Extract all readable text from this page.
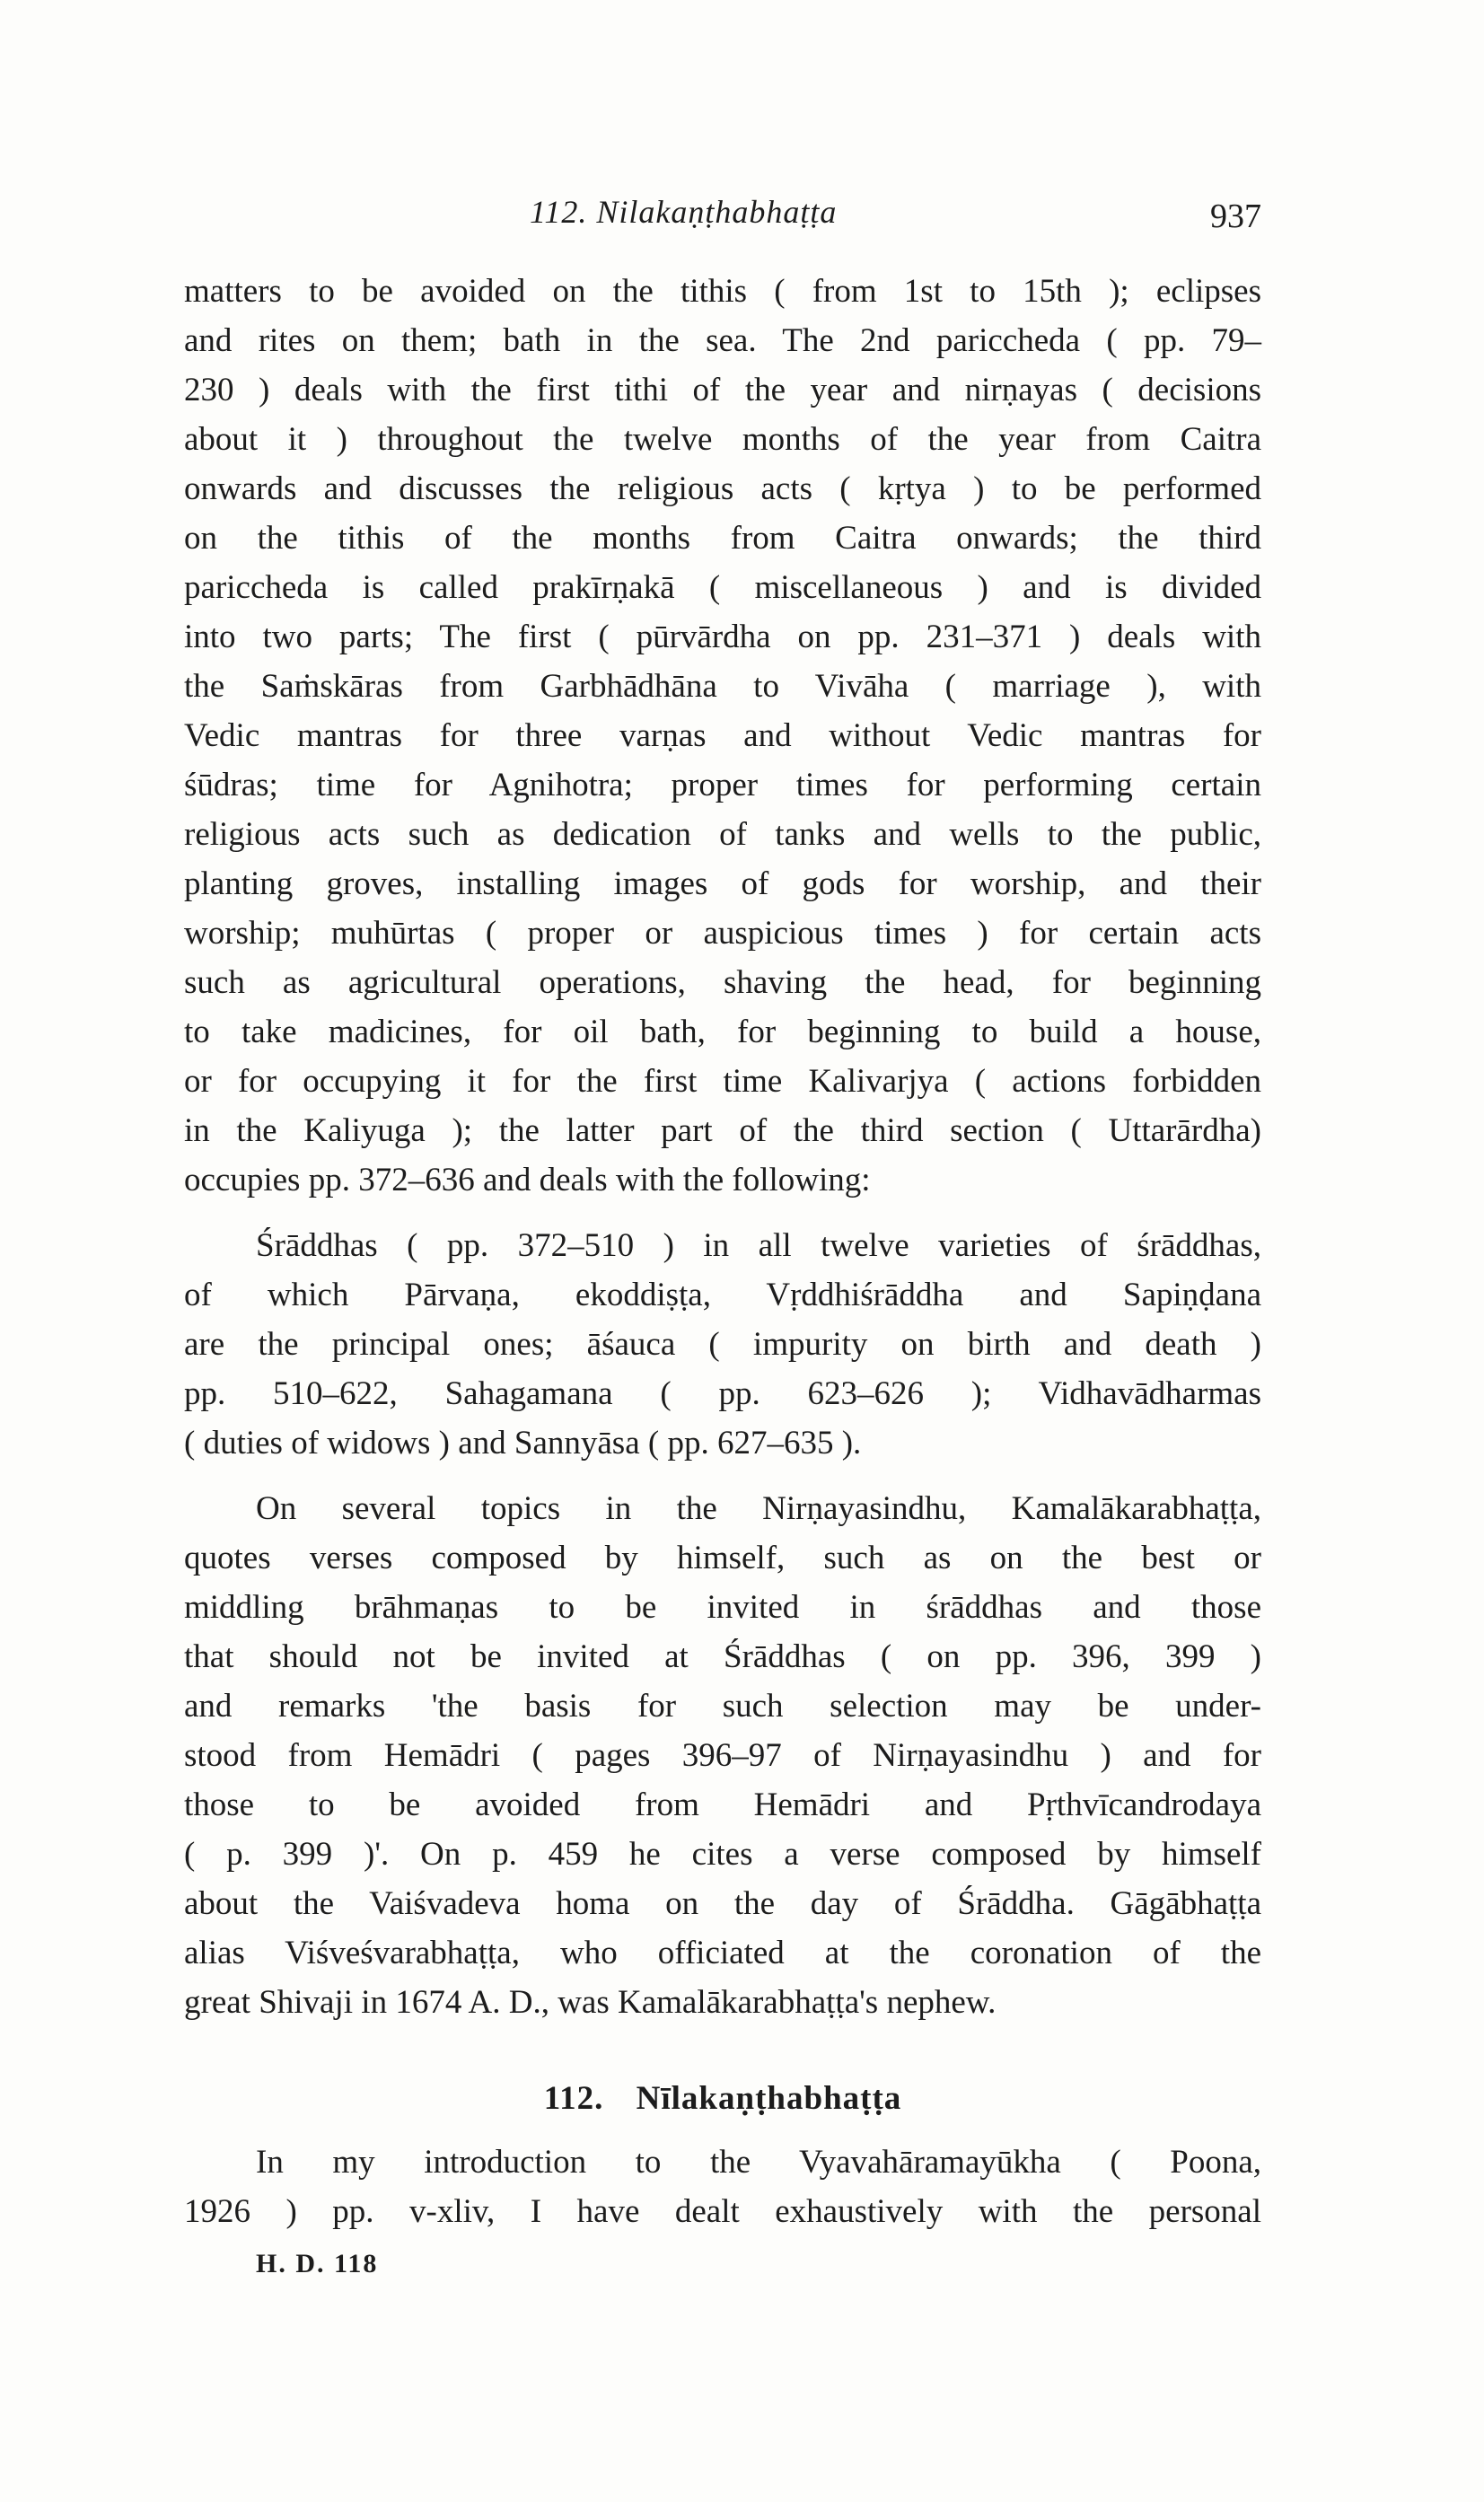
112. Nilakaṇṭhabhaṭṭa	937
matters to be avoided on the tithis ( from 1st to 15th ); eclipses
and rites on them; bath in the sea. The 2nd pariccheda ( pp. 79–
230 ) deals with the first tithi of the year and nirṇayas ( decisions
about it ) throughout the twelve months of the year from Caitra
onwards and discusses the religious acts ( kṛtya ) to be performed
on the tithis of the months from Caitra onwards; the third
pariccheda is called prakīrṇakā ( miscellaneous ) and is divided
into two parts; The first ( pūrvārdha on pp. 231–371 ) deals with
the Saṁskāras from Garbhādhāna to Vivāha ( marriage ), with
Vedic mantras for three varṇas and without Vedic mantras for
śūdras; time for Agnihotra; proper times for performing certain
religious acts such as dedication of tanks and wells to the public,
planting groves, installing images of gods for worship, and their
worship; muhūrtas ( proper or auspicious times ) for certain acts
such as agricultural operations, shaving the head, for beginning
to take madicines, for oil bath, for beginning to build a house,
or for occupying it for the first time Kalivarjya ( actions forbidden
in the Kaliyuga ); the latter part of the third section ( Uttarārdha)
occupies pp. 372–636 and deals with the following:
Śrāddhas ( pp. 372–510 ) in all twelve varieties of śrāddhas,
of which Pārvaṇa, ekoddiṣṭa, Vṛddhiśrāddha and Sapiṇḍana
are the principal ones; āśauca ( impurity on birth and death )
pp. 510–622, Sahagamana ( pp. 623–626 ); Vidhavādharmas
( duties of widows ) and Sannyāsa ( pp. 627–635 ).
On several topics in the Nirṇayasindhu, Kamalākarabhaṭṭa,
quotes verses composed by himself, such as on the best or
middling brāhmaṇas to be invited in śrāddhas and those
that should not be invited at Śrāddhas ( on pp. 396, 399 )
and remarks 'the basis for such selection may be under-
stood from Hemādri ( pages 396–97 of Nirṇayasindhu ) and for
those to be avoided from Hemādri and Pṛthvīcandrodaya
( p. 399 )'. On p. 459 he cites a verse composed by himself
about the Vaiśvadeva homa on the day of Śrāddha. Gāgābhaṭṭa
alias Viśveśvarabhaṭṭa, who officiated at the coronation of the
great Shivaji in 1674 A. D., was Kamalākarabhaṭṭa's nephew.
112. Nīlakaṇṭhabhaṭṭa
In my introduction to the Vyavahāramayūkha ( Poona,
1926 ) pp. v-xliv, I have dealt exhaustively with the personal
H. D. 118
